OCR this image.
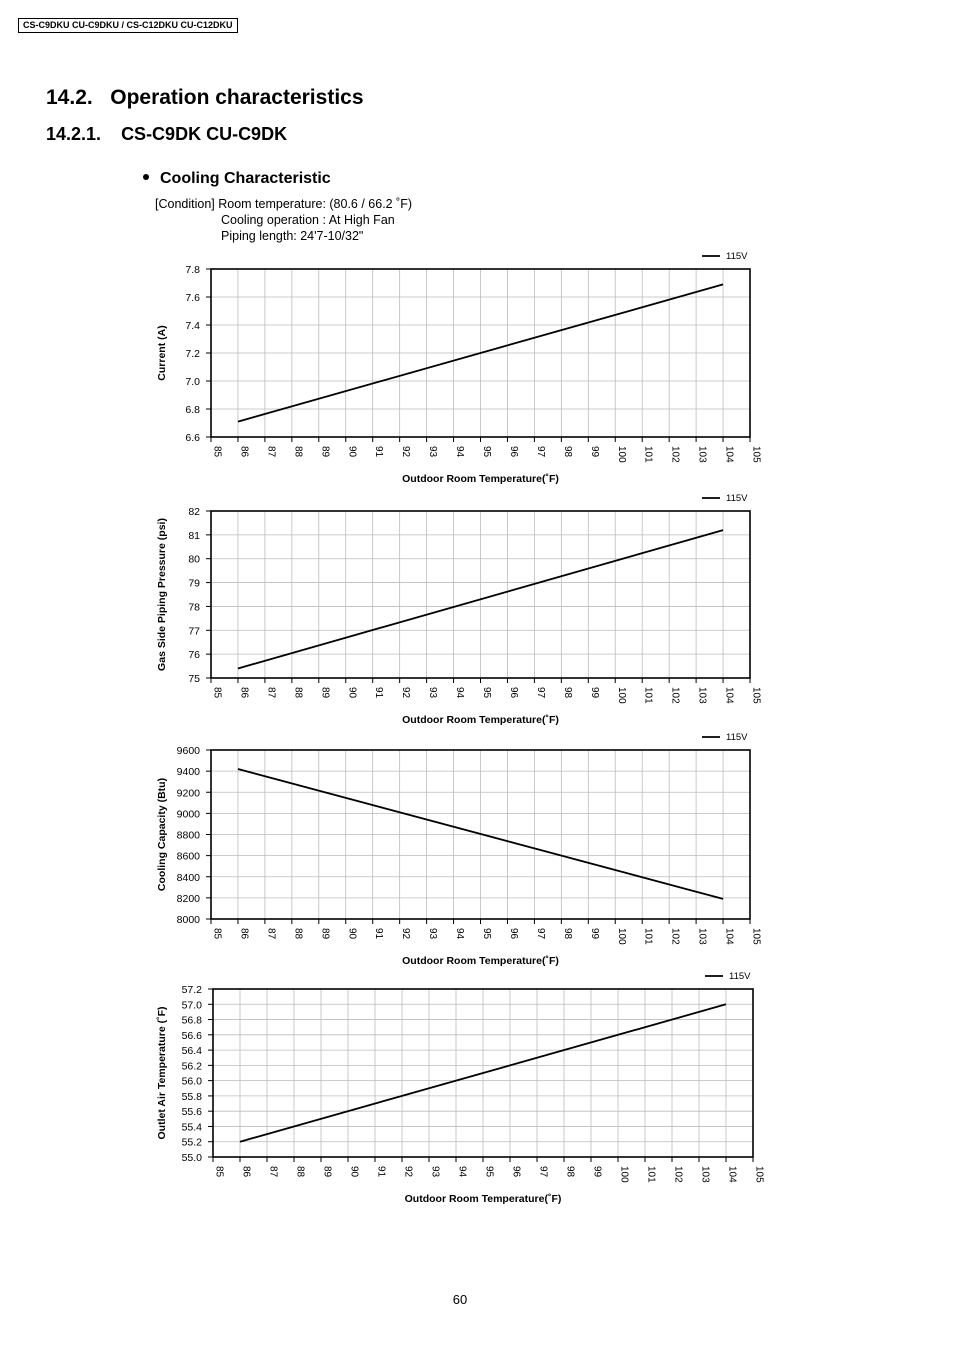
CS-C9DKU CU-C9DKU / CS-C12DKU CU-C12DKU
14.2. Operation characteristics
14.2.1. CS-C9DK CU-C9DK
Cooling Characteristic
[Condition] Room temperature: (80.6 / 66.2 ˚F)
Cooling operation : At High Fan
Piping length: 24'7-10/32"
85 86 87 88 89 90 91 92 93 94 95 96 97 98 99 100 101 102 103 104 105
6.6
6.8
7.0
7.2
7.4
7.6
7.8
115V
Outdoor Room Temperature(˚F)
Current (A)
85 86 87 88 89 90 91 92 93 94 95 96 97 98 99 100 101 102 103 104 105
75
76
77
78
79
80
81
82
115V
Outdoor Room Temperature(˚F)
Gas Side Piping Pressure (psi)
85 86 87 88 89 90 91 92 93 94 95 96 97 98 99 100 101 102 103 104 105
8000
8200
8400
8600
8800
9000
9200
9400
9600
115V
Outdoor Room Temperature(˚F)
Cooling Capacity (Btu)
85 86 87 88 89 90 91 92 93 94 95 96 97 98 99 100 101 102 103 104 105
55.0
55.2
55.4
55.6
55.8
56.0
56.2
56.4
56.6
56.8
57.0
57.2
115V
Outdoor Room Temperature(˚F)
Outlet Air Temperature (˚F)
60
